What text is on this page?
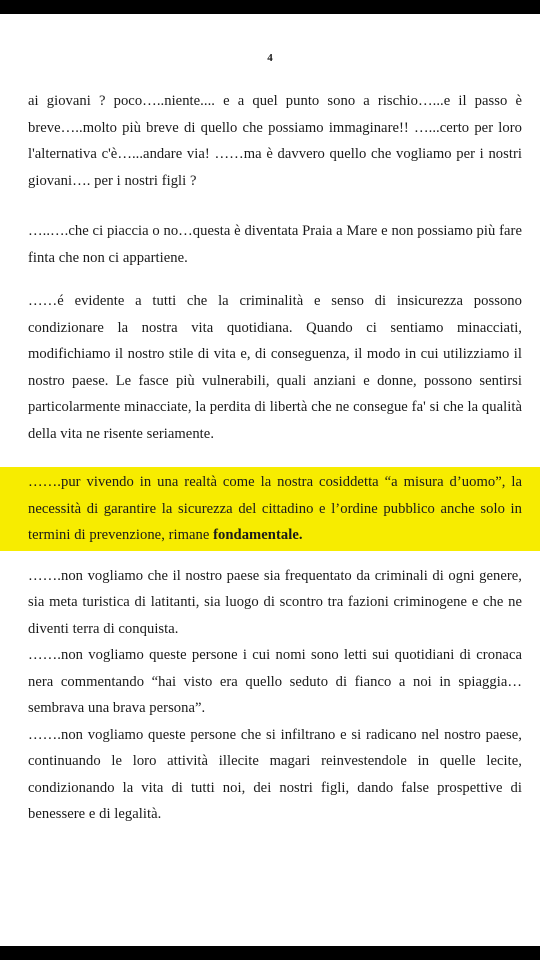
4

ai giovani ? poco…..niente.... e a quel punto sono a rischio…...e il passo è breve…..molto più breve di quello che possiamo immaginare!! …...certo per loro l'alternativa c'è…...andare via! ……ma è davvero quello che vogliamo per i nostri giovani…. per i nostri figli ?

…..….che ci piaccia o no…questa è diventata Praia a Mare e non possiamo più fare finta che non ci appartiene.

……é evidente a tutti che la criminalità e senso di insicurezza possono condizionare la nostra vita quotidiana. Quando ci sentiamo minacciati, modifichiamo il nostro stile di vita e, di conseguenza, il modo in cui utilizziamo il nostro paese. Le fasce più vulnerabili, quali anziani e donne, possono sentirsi particolarmente minacciate, la perdita di libertà che ne consegue fa' si che la qualità della vita ne risente seriamente.

…….pur vivendo in una realtà come la nostra cosiddetta “a misura d’uomo”, la necessità di garantire la sicurezza del cittadino e l’ordine pubblico anche solo in termini di prevenzione, rimane fondamentale.

…….non vogliamo che il nostro paese sia frequentato da criminali di ogni genere, sia meta turistica di latitanti, sia luogo di scontro tra fazioni criminogene e che ne diventi terra di conquista.

…….non vogliamo queste persone i cui nomi sono letti sui quotidiani di cronaca nera commentando “hai visto era quello seduto di fianco a noi in spiaggia…sembrava una brava persona”.

…….non vogliamo queste persone che si infiltrano e si radicano nel nostro paese, continuando le loro attività illecite magari reinvestendole in quelle lecite, condizionando la vita di tutti noi, dei nostri figli, dando false prospettive di benessere e di legalità.
